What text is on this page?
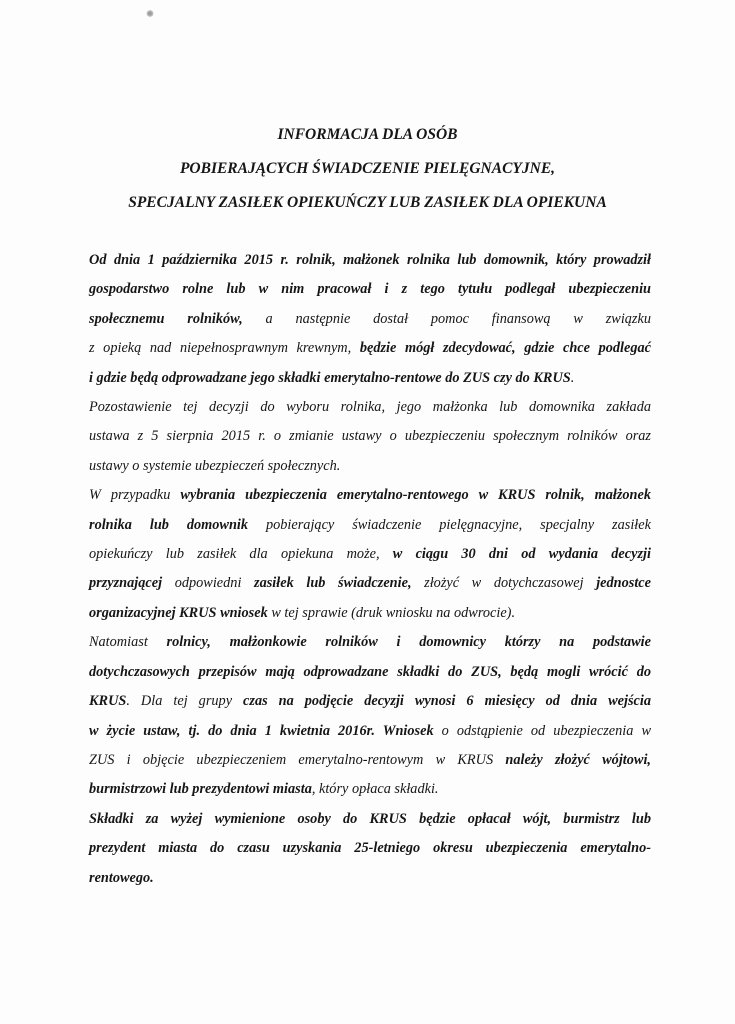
INFORMACJA DLA OSÓB
POBIERAJĄCYCH ŚWIADCZENIE PIELĘGNACYJNE,
SPECJALNY ZASIŁEK OPIEKUŃCZY LUB ZASIŁEK DLA OPIEKUNA

Od dnia 1 października 2015 r. rolnik, małżonek rolnika lub domownik, który prowadził
gospodarstwo rolne lub w nim pracował i z tego tytułu podlegał ubezpieczeniu
społecznemu rolników, a następnie dostał pomoc finansową w związku
z opieką nad niepełnosprawnym krewnym, będzie mógł zdecydować, gdzie chce podlegać
i gdzie będą odprowadzane jego składki emerytalno-rentowe do ZUS czy do KRUS.
Pozostawienie tej decyzji do wyboru rolnika, jego małżonka lub domownika zakłada
ustawa z 5 sierpnia 2015 r. o zmianie ustawy o ubezpieczeniu społecznym rolników oraz
ustawy o systemie ubezpieczeń społecznych.

W przypadku wybrania ubezpieczenia emerytalno-rentowego w KRUS rolnik, małżonek
rolnika lub domownik pobierający świadczenie pielęgnacyjne, specjalny zasiłek
opiekuńczy lub zasiłek dla opiekuna może, w ciągu 30 dni od wydania decyzji
przyznającej odpowiedni zasiłek lub świadczenie, złożyć w dotychczasowej jednostce
organizacyjnej KRUS wniosek w tej sprawie (druk wniosku na odwrocie).

Natomiast rolnicy, małżonkowie rolników i domownicy którzy na podstawie
dotychczasowych przepisów mają odprowadzane składki do ZUS, będą mogli wrócić do
KRUS. Dla tej grupy czas na podjęcie decyzji wynosi 6 miesięcy od dnia wejścia
w życie ustaw, tj. do dnia 1 kwietnia 2016r. Wniosek o odstąpienie od ubezpieczenia w
ZUS i objęcie ubezpieczeniem emerytalno-rentowym w KRUS należy złożyć wójtowi,
burmistrzowi lub prezydentowi miasta, który opłaca składki.

Składki za wyżej wymienione osoby do KRUS będzie opłacał wójt, burmistrz lub
prezydent miasta do czasu uzyskania 25-letniego okresu ubezpieczenia emerytalno-
rentowego.
